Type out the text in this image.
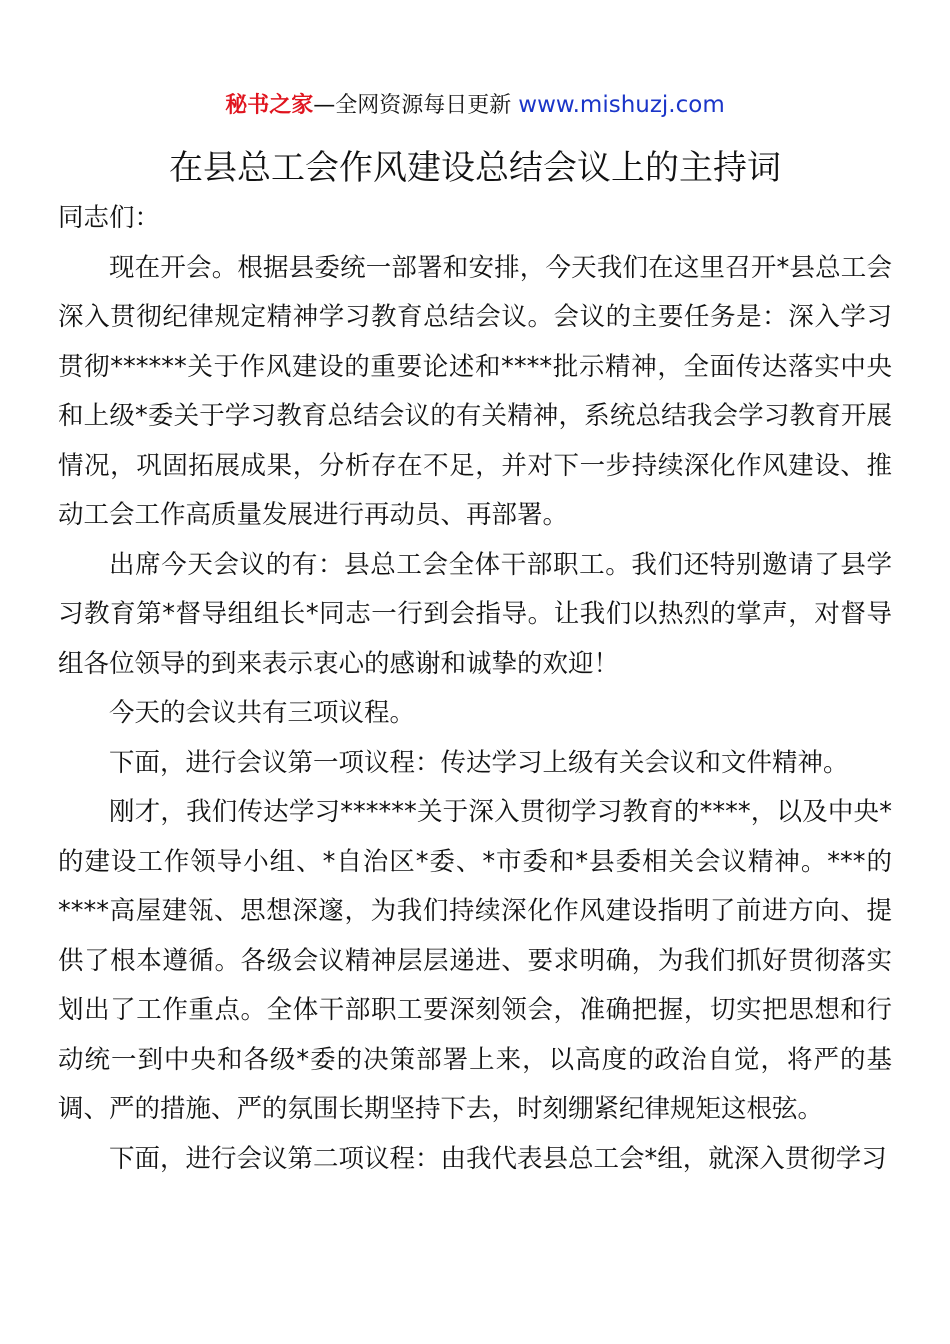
秘书之家—全网资源每日更新 www.mishuzj.com
在县总工会作风建设总结会议上的主持词

同志们：

现在开会。根据县委统一部署和安排，今天我们在这里召开*县总工会深入贯彻纪律规定精神学习教育总结会议。会议的主要任务是：深入学习贯彻******关于作风建设的重要论述和****批示精神，全面传达落实中央和上级*委关于学习教育总结会议的有关精神，系统总结我会学习教育开展情况，巩固拓展成果，分析存在不足，并对下一步持续深化作风建设、推动工会工作高质量发展进行再动员、再部署。

出席今天会议的有：县总工会全体干部职工。我们还特别邀请了县学习教育第*督导组组长*同志一行到会指导。让我们以热烈的掌声，对督导组各位领导的到来表示衷心的感谢和诚挚的欢迎！

今天的会议共有三项议程。

下面，进行会议第一项议程：传达学习上级有关会议和文件精神。

刚才，我们传达学习******关于深入贯彻学习教育的****，以及中央*的建设工作领导小组、*自治区*委、*市委和*县委相关会议精神。***的****高屋建瓴、思想深邃，为我们持续深化作风建设指明了前进方向、提供了根本遵循。各级会议精神层层递进、要求明确，为我们抓好贯彻落实划出了工作重点。全体干部职工要深刻领会，准确把握，切实把思想和行动统一到中央和各级*委的决策部署上来，以高度的政治自觉，将严的基调、严的措施、严的氛围长期坚持下去，时刻绷紧纪律规矩这根弦。

下面，进行会议第二项议程：由我代表县总工会*组，就深入贯彻学习
